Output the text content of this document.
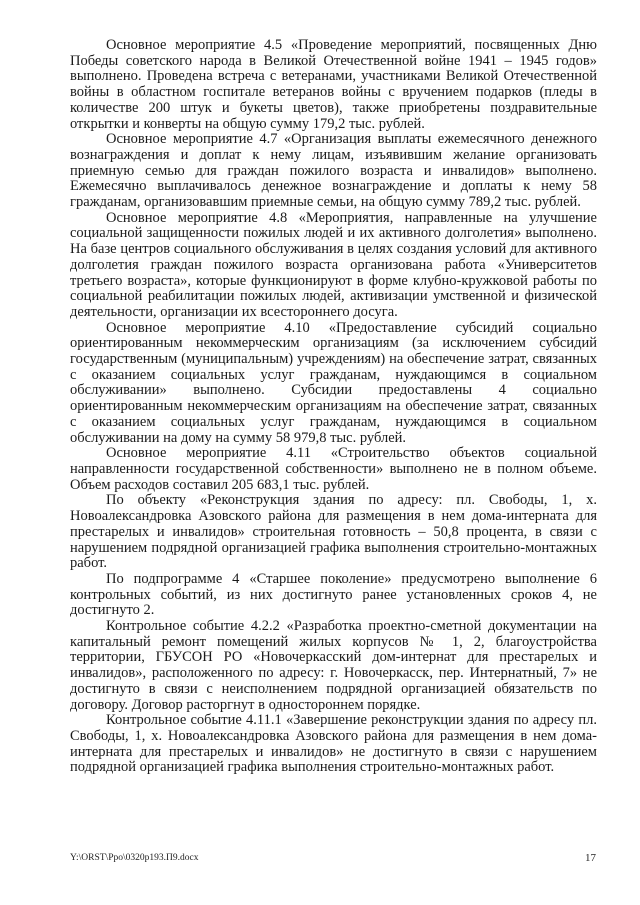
Основное мероприятие 4.5 «Проведение мероприятий, посвященных Дню Победы советского народа в Великой Отечественной войне 1941 – 1945 годов» выполнено. Проведена встреча с ветеранами, участниками Великой Отечественной войны в областном госпитале ветеранов войны с вручением подарков (пледы в количестве 200 штук и букеты цветов), также приобретены поздравительные открытки и конверты на общую сумму 179,2 тыс. рублей.

Основное мероприятие 4.7 «Организация выплаты ежемесячного денежного вознаграждения и доплат к нему лицам, изъявившим желание организовать приемную семью для граждан пожилого возраста и инвалидов» выполнено. Ежемесячно выплачивалось денежное вознаграждение и доплаты к нему 58 гражданам, организовавшим приемные семьи, на общую сумму 789,2 тыс. рублей.

Основное мероприятие 4.8 «Мероприятия, направленные на улучшение социальной защищенности пожилых людей и их активного долголетия» выполнено. На базе центров социального обслуживания в целях создания условий для активного долголетия граждан пожилого возраста организована работа «Университетов третьего возраста», которые функционируют в форме клубно-кружковой работы по социальной реабилитации пожилых людей, активизации умственной и физической деятельности, организации их всестороннего досуга.

Основное мероприятие 4.10 «Предоставление субсидий социально ориентированным некоммерческим организациям (за исключением субсидий государственным (муниципальным) учреждениям) на обеспечение затрат, связанных с оказанием социальных услуг гражданам, нуждающимся в социальном обслуживании» выполнено. Субсидии предоставлены 4 социально ориентированным некоммерческим организациям на обеспечение затрат, связанных с оказанием социальных услуг гражданам, нуждающимся в социальном обслуживании на дому на сумму 58 979,8 тыс. рублей.

Основное мероприятие 4.11 «Строительство объектов социальной направленности государственной собственности» выполнено не в полном объеме. Объем расходов составил 205 683,1 тыс. рублей.

По объекту «Реконструкция здания по адресу: пл. Свободы, 1, х. Новоалександровка Азовского района для размещения в нем дома-интерната для престарелых и инвалидов» строительная готовность – 50,8 процента, в связи с нарушением подрядной организацией графика выполнения строительно-монтажных работ.

По подпрограмме 4 «Старшее поколение» предусмотрено выполнение 6 контрольных событий, из них достигнуто ранее установленных сроков 4, не достигнуто 2.

Контрольное событие 4.2.2 «Разработка проектно-сметной документации на капитальный ремонт помещений жилых корпусов № 1, 2, благоустройства территории, ГБУСОН РО «Новочеркасский дом-интернат для престарелых и инвалидов», расположенного по адресу: г. Новочеркасск, пер. Интернатный, 7» не достигнуто в связи с неисполнением подрядной организацией обязательств по договору. Договор расторгнут в одностороннем порядке.

Контрольное событие 4.11.1 «Завершение реконструкции здания по адресу пл. Свободы, 1, х. Новоалександровка Азовского района для размещения в нем дома-интерната для престарелых и инвалидов» не достигнуто в связи с нарушением подрядной организацией графика выполнения строительно-монтажных работ.

Y:\ORST\Ppo\0320p193.П9.docx	17
